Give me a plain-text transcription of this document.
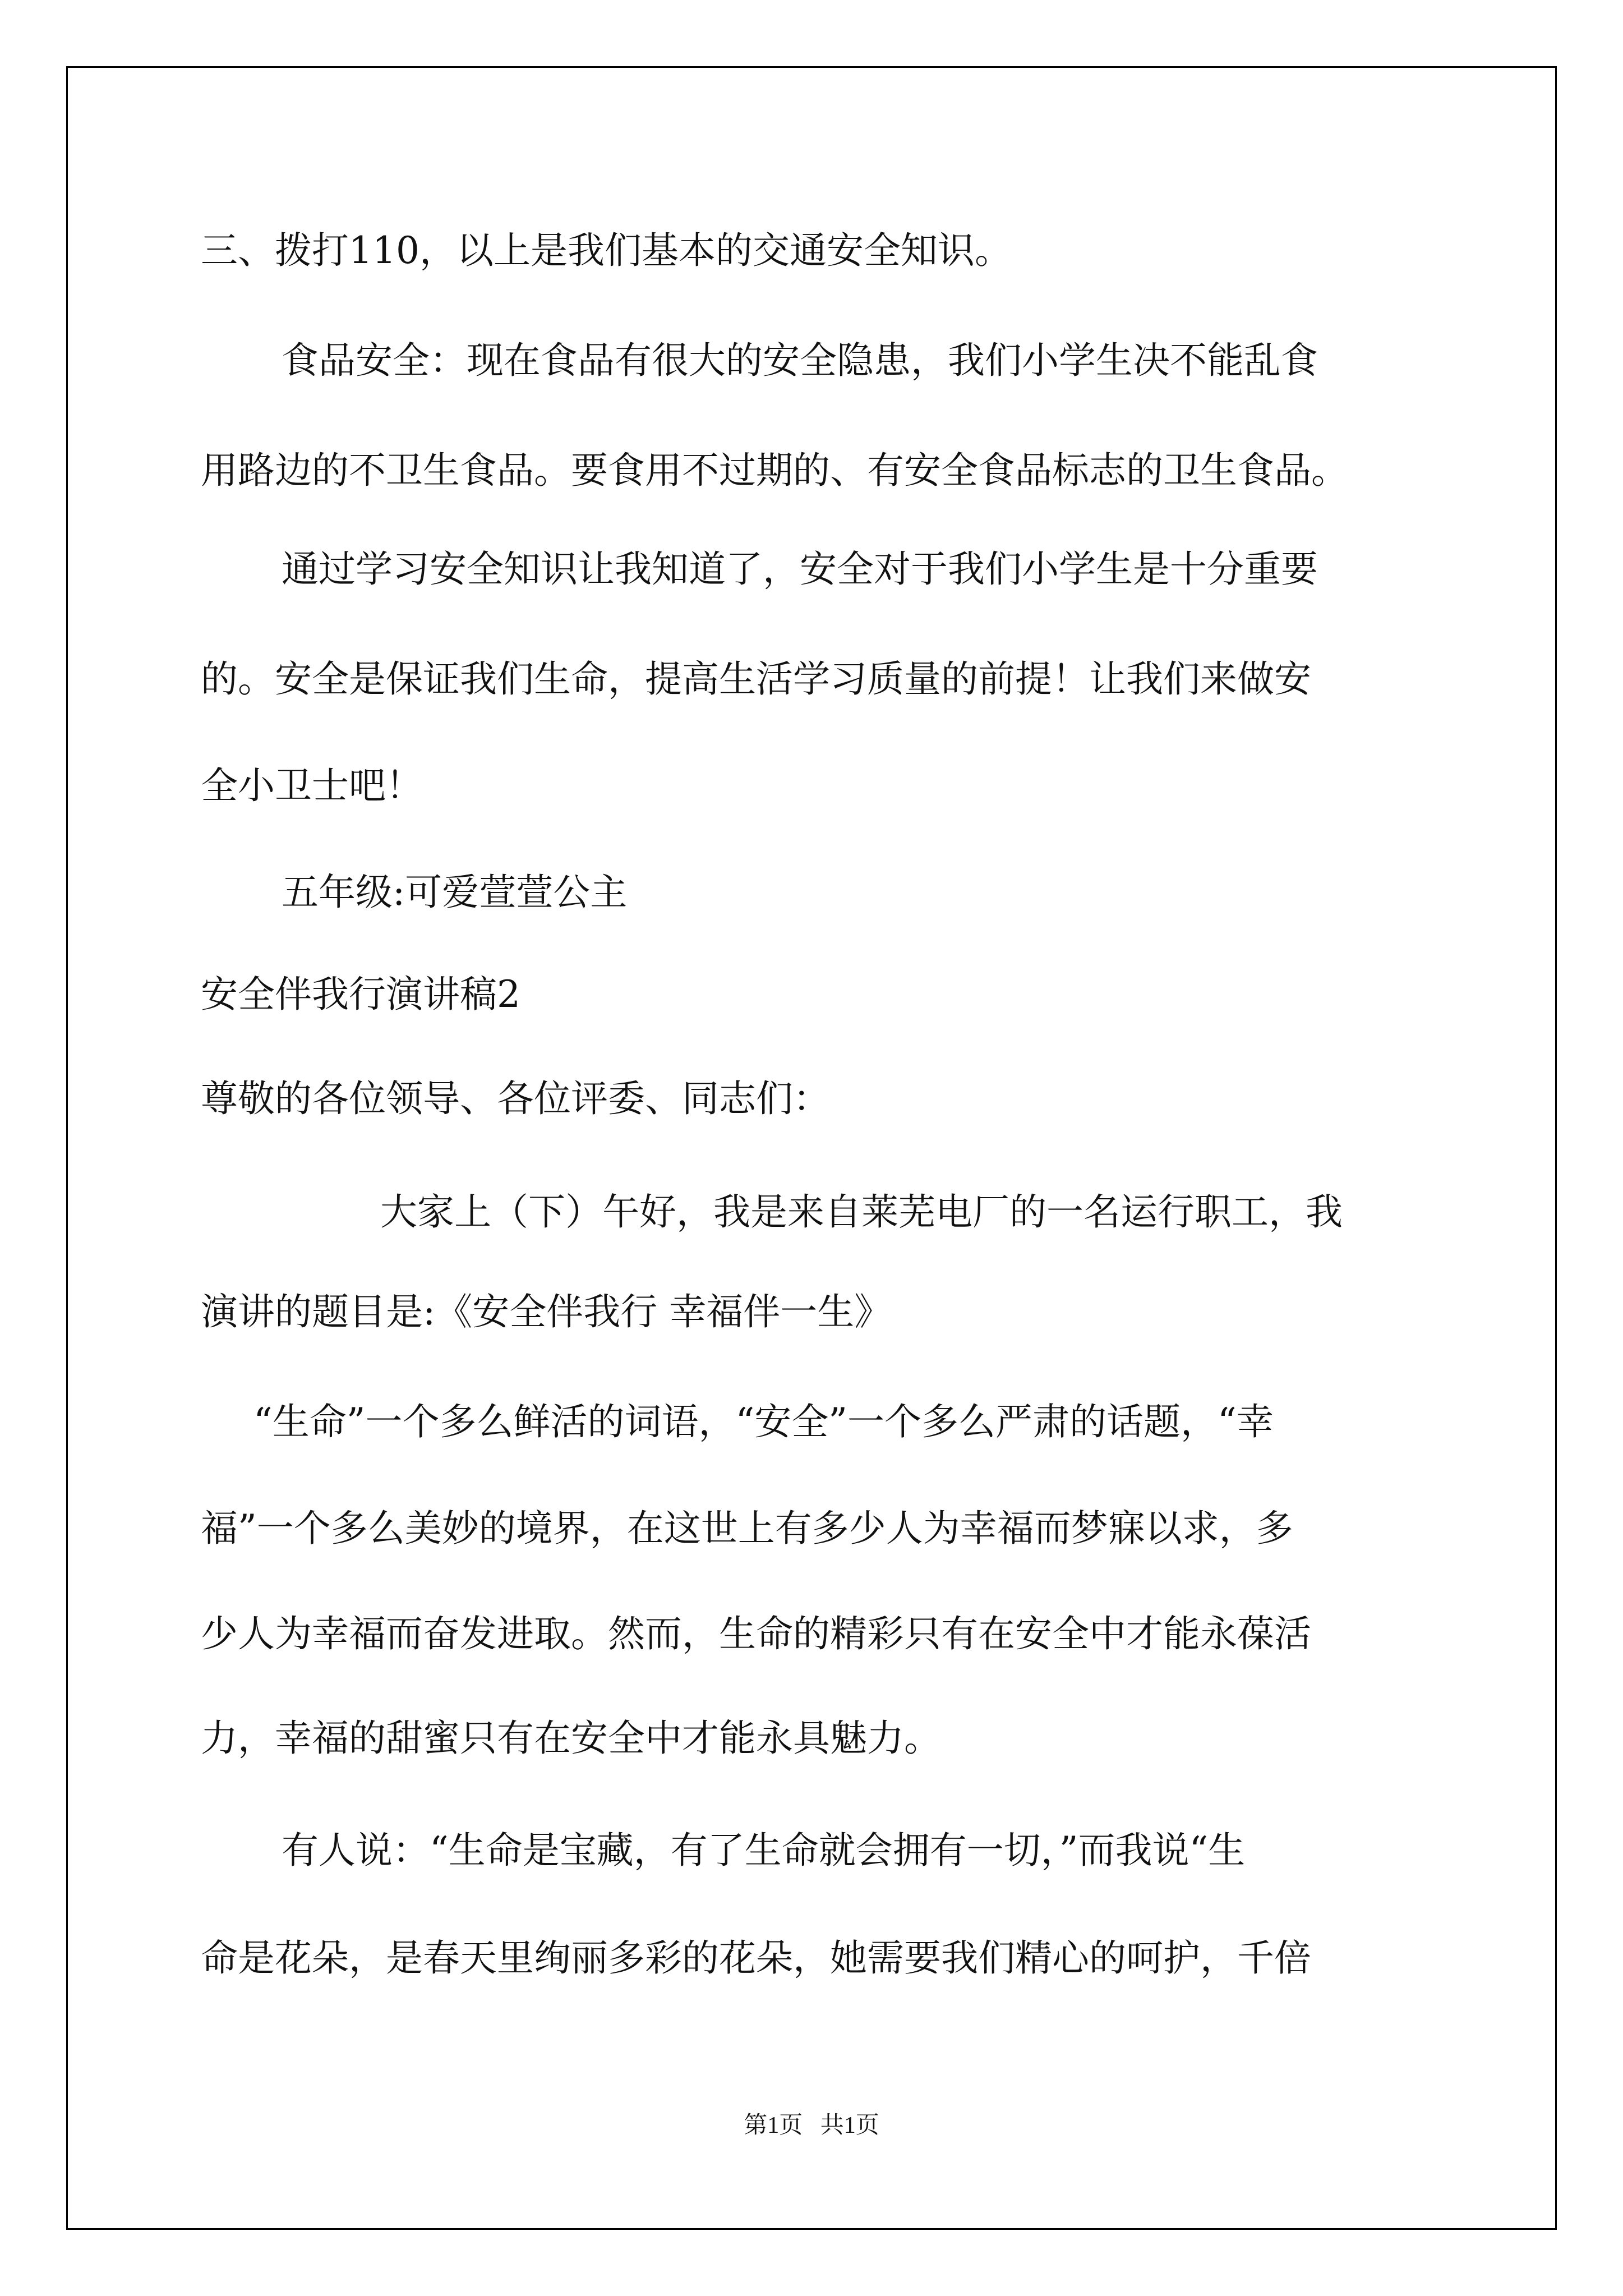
三、拨打110，以上是我们基本的交通安全知识。
食品安全：现在食品有很大的安全隐患，我们小学生决不能乱食
用路边的不卫生食品。要食用不过期的、有安全食品标志的卫生食品。
通过学习安全知识让我知道了，安全对于我们小学生是十分重要
的。安全是保证我们生命，提高生活学习质量的前提！让我们来做安
全小卫士吧！
五年级:可爱萱萱公主
安全伴我行演讲稿2
尊敬的各位领导、各位评委、同志们：
大家上（下）午好，我是来自莱芜电厂的一名运行职工，我
演讲的题目是:《安全伴我行 幸福伴一生》
“生命”一个多么鲜活的词语，“安全”一个多么严肃的话题，“幸
福”一个多么美妙的境界，在这世上有多少人为幸福而梦寐以求，多
少人为幸福而奋发进取。然而，生命的精彩只有在安全中才能永葆活
力，幸福的甜蜜只有在安全中才能永具魅力。
有人说：“生命是宝藏，有了生命就会拥有一切，”而我说“生
命是花朵，是春天里绚丽多彩的花朵，她需要我们精心的呵护，千倍
第1页   共1页
